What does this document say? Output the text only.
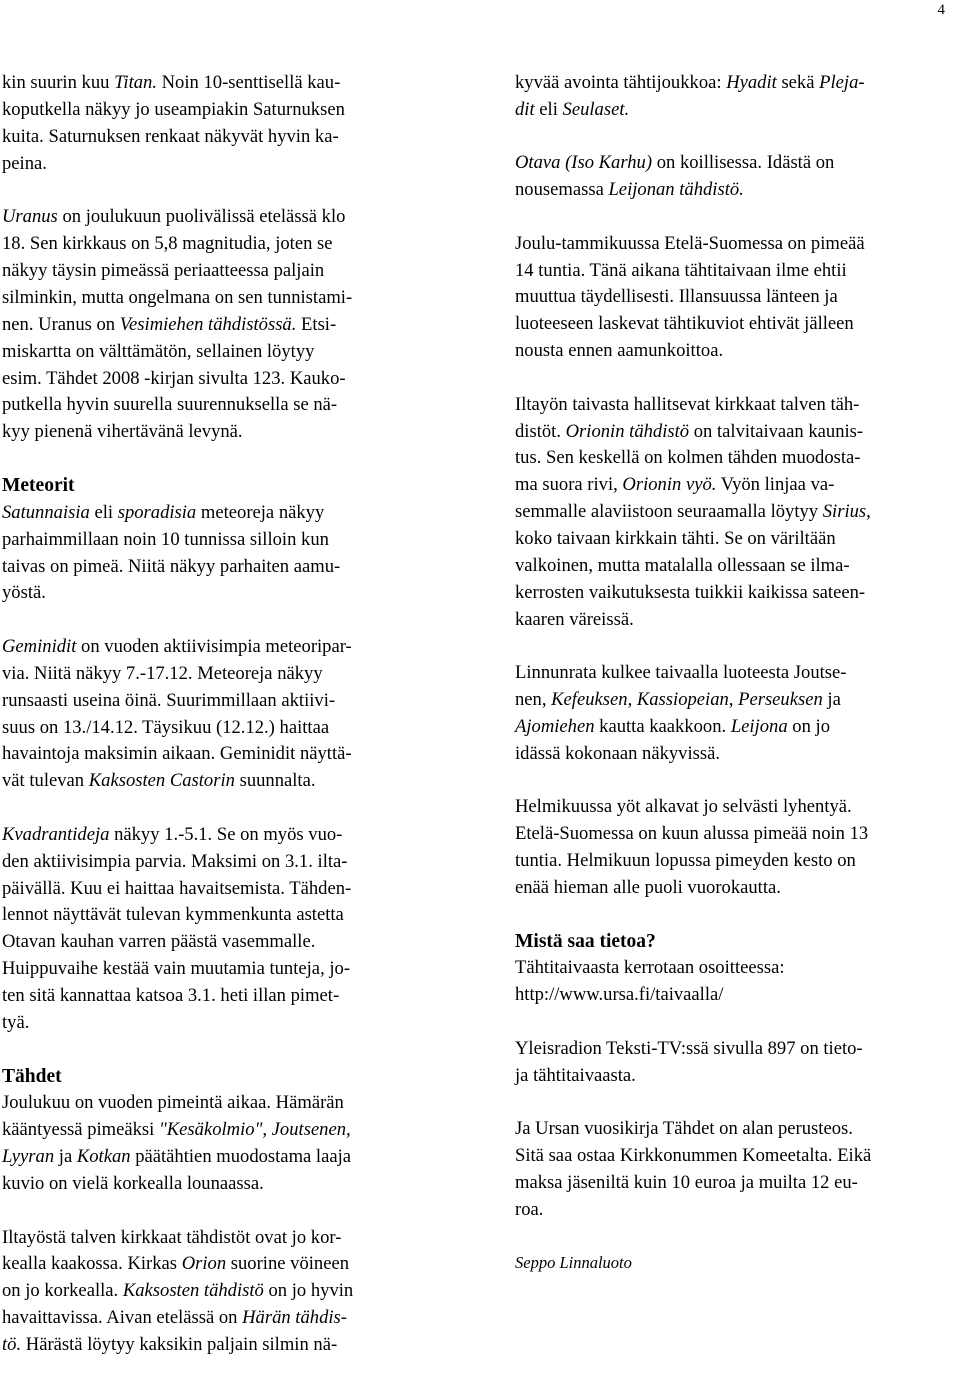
4

kin suurin kuu Titan. Noin 10-senttisellä kau-
koputkella näkyy jo useampiakin Saturnuksen
kuita. Saturnuksen renkaat näkyvät hyvin ka-
peina.

Uranus on joulukuun puolivälissä etelässä klo
18. Sen kirkkaus on 5,8 magnitudia, joten se
näkyy täysin pimeässä periaatteessa paljain
silminkin, mutta ongelmana on sen tunnistami-
nen. Uranus on Vesimiehen tähdistössä. Etsi-
miskartta on välttämätön, sellainen löytyy
esim. Tähdet 2008 -kirjan sivulta 123. Kauko-
putkella hyvin suurella suurennuksella se nä-
kyy pienenä vihertävänä levynä.

Meteorit

Satunnaisia eli sporadisia meteoreja näkyy
parhaimmillaan noin 10 tunnissa silloin kun
taivas on pimeä. Niitä näkyy parhaiten aamu-
yöstä.

Geminidit on vuoden aktiivisimpia meteoripar-
via. Niitä näkyy 7.-17.12. Meteoreja näkyy
runsaasti useina öinä. Suurimmillaan aktiivi-
suus on 13./14.12. Täysikuu (12.12.) haittaa
havaintoja maksimin aikaan. Geminidit näyttä-
vät tulevan Kaksosten Castorin suunnalta.

Kvadrantideja näkyy 1.-5.1. Se on myös vuo-
den aktiivisimpia parvia. Maksimi on 3.1. ilta-
päivällä. Kuu ei haittaa havaitsemista. Tähden-
lennot näyttävät tulevan kymmenkunta astetta
Otavan kauhan varren päästä vasemmalle.
Huippuvaihe kestää vain muutamia tunteja, jo-
ten sitä kannattaa katsoa 3.1. heti illan pimet-
tyä.

Tähdet

Joulukuu on vuoden pimeintä aikaa. Hämärän
kääntyessä pimeäksi "Kesäkolmio", Joutsenen,
Lyyran ja Kotkan päätähtien muodostama laaja
kuvio on vielä korkealla lounaassa.

Iltayöstä talven kirkkaat tähdistöt ovat jo kor-
kealla kaakossa. Kirkas Orion suorine vöineen
on jo korkealla. Kaksosten tähdistö on jo hyvin
havaittavissa. Aivan etelässä on Härän tähdis-
tö. Härästä löytyy kaksikin paljain silmin nä-

kyvää avointa tähtijoukkoa: Hyadit sekä Pleja-
dit eli Seulaset.

Otava (Iso Karhu) on koillisessa. Idästä on
nousemassa Leijonan tähdistö.

Joulu-tammikuussa Etelä-Suomessa on pimeää
14 tuntia. Tänä aikana tähtitaivaan ilme ehtii
muuttua täydellisesti. Illansuussa länteen ja
luoteeseen laskevat tähtikuviot ehtivät jälleen
nousta ennen aamunkoittoa.

Iltayön taivasta hallitsevat kirkkaat talven täh-
distöt. Orionin tähdistö on talvitaivaan kaunis-
tus. Sen keskellä on kolmen tähden muodosta-
ma suora rivi, Orionin vyö. Vyön linjaa va-
semmalle alaviistoon seuraamalla löytyy Sirius,
koko taivaan kirkkain tähti. Se on väriltään
valkoinen, mutta matalalla ollessaan se ilma-
kerrosten vaikutuksesta tuikkii kaikissa sateen-
kaaren väreissä.

Linnunrata kulkee taivaalla luoteesta Joutse-
nen, Kefeuksen, Kassiopeian, Perseuksen ja
Ajomiehen kautta kaakkoon. Leijona on jo
idässä kokonaan näkyvissä.

Helmikuussa yöt alkavat jo selvästi lyhentyä.
Etelä-Suomessa on kuun alussa pimeää noin 13
tuntia. Helmikuun lopussa pimeyden kesto on
enää hieman alle puoli vuorokautta.

Mistä saa tietoa?

Tähtitaivaasta kerrotaan osoitteessa:
http://www.ursa.fi/taivaalla/

Yleisradion Teksti-TV:ssä sivulla 897 on tieto-
ja tähtitaivaasta.

Ja Ursan vuosikirja Tähdet on alan perusteos.
Sitä saa ostaa Kirkkonummen Komeetalta. Eikä
maksa jäseniltä kuin 10 euroa ja muilta 12 eu-
roa.

Seppo Linnaluoto
